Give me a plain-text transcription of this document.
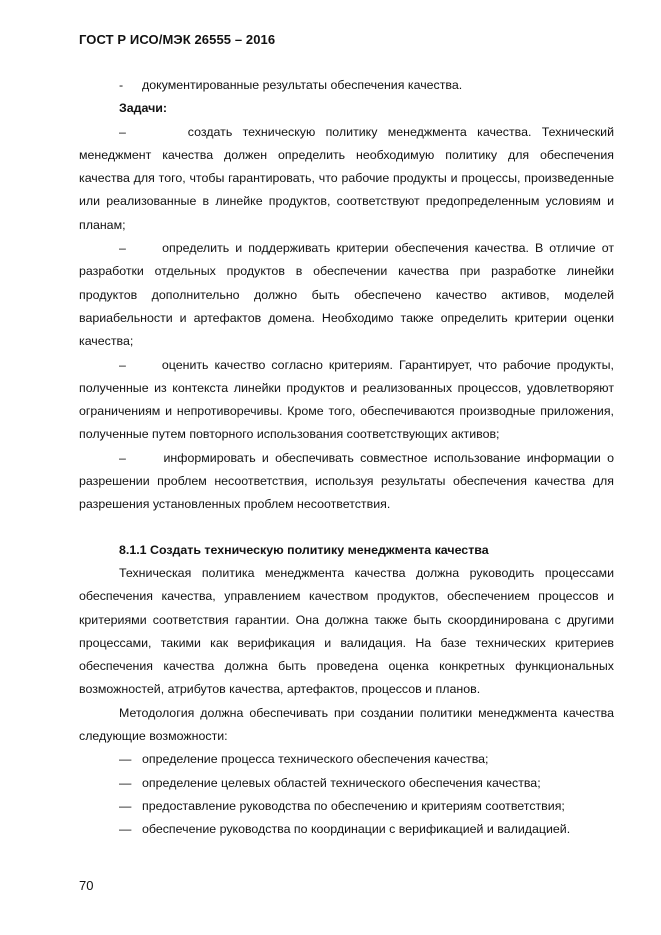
ГОСТ Р ИСО/МЭК 26555 – 2016
-	документированные результаты обеспечения качества.
Задачи:

–	создать техническую политику менеджмента качества. Технический менеджмент качества должен определить необходимую политику для обеспечения качества для того, чтобы гарантировать, что рабочие продукты и процессы, произведенные или реализованные в линейке продуктов, соответствуют предопределенным условиям и планам;

–	определить и поддерживать критерии обеспечения качества. В отличие от разработки отдельных продуктов в обеспечении качества при разработке линейки продуктов дополнительно должно быть обеспечено качество активов, моделей вариабельности и артефактов домена. Необходимо также определить критерии оценки качества;

–	оценить качество согласно критериям. Гарантирует, что рабочие продукты, полученные из контекста линейки продуктов и реализованных процессов, удовлетворяют ограничениям и непротиворечивы. Кроме того, обеспечиваются производные приложения, полученные путем повторного использования соответствующих активов;

–	информировать и обеспечивать совместное использование информации о разрешении проблем несоответствия, используя результаты обеспечения качества для разрешения установленных проблем несоответствия.

8.1.1 Создать техническую политику менеджмента качества

Техническая политика менеджмента качества должна руководить процессами обеспечения качества, управлением качеством продуктов, обеспечением процессов и критериями соответствия гарантии. Она должна также быть скоординирована с другими процессами, такими как верификация и валидация. На базе технических критериев обеспечения качества должна быть проведена оценка конкретных функциональных возможностей, атрибутов качества, артефактов, процессов и планов.

Методология должна обеспечивать при создании политики менеджмента качества следующие возможности:

— определение процесса технического обеспечения качества;
— определение целевых областей технического обеспечения качества;
— предоставление руководства по обеспечению и критериям соответствия;
— обеспечение руководства по координации с верификацией и валидацией.
70
